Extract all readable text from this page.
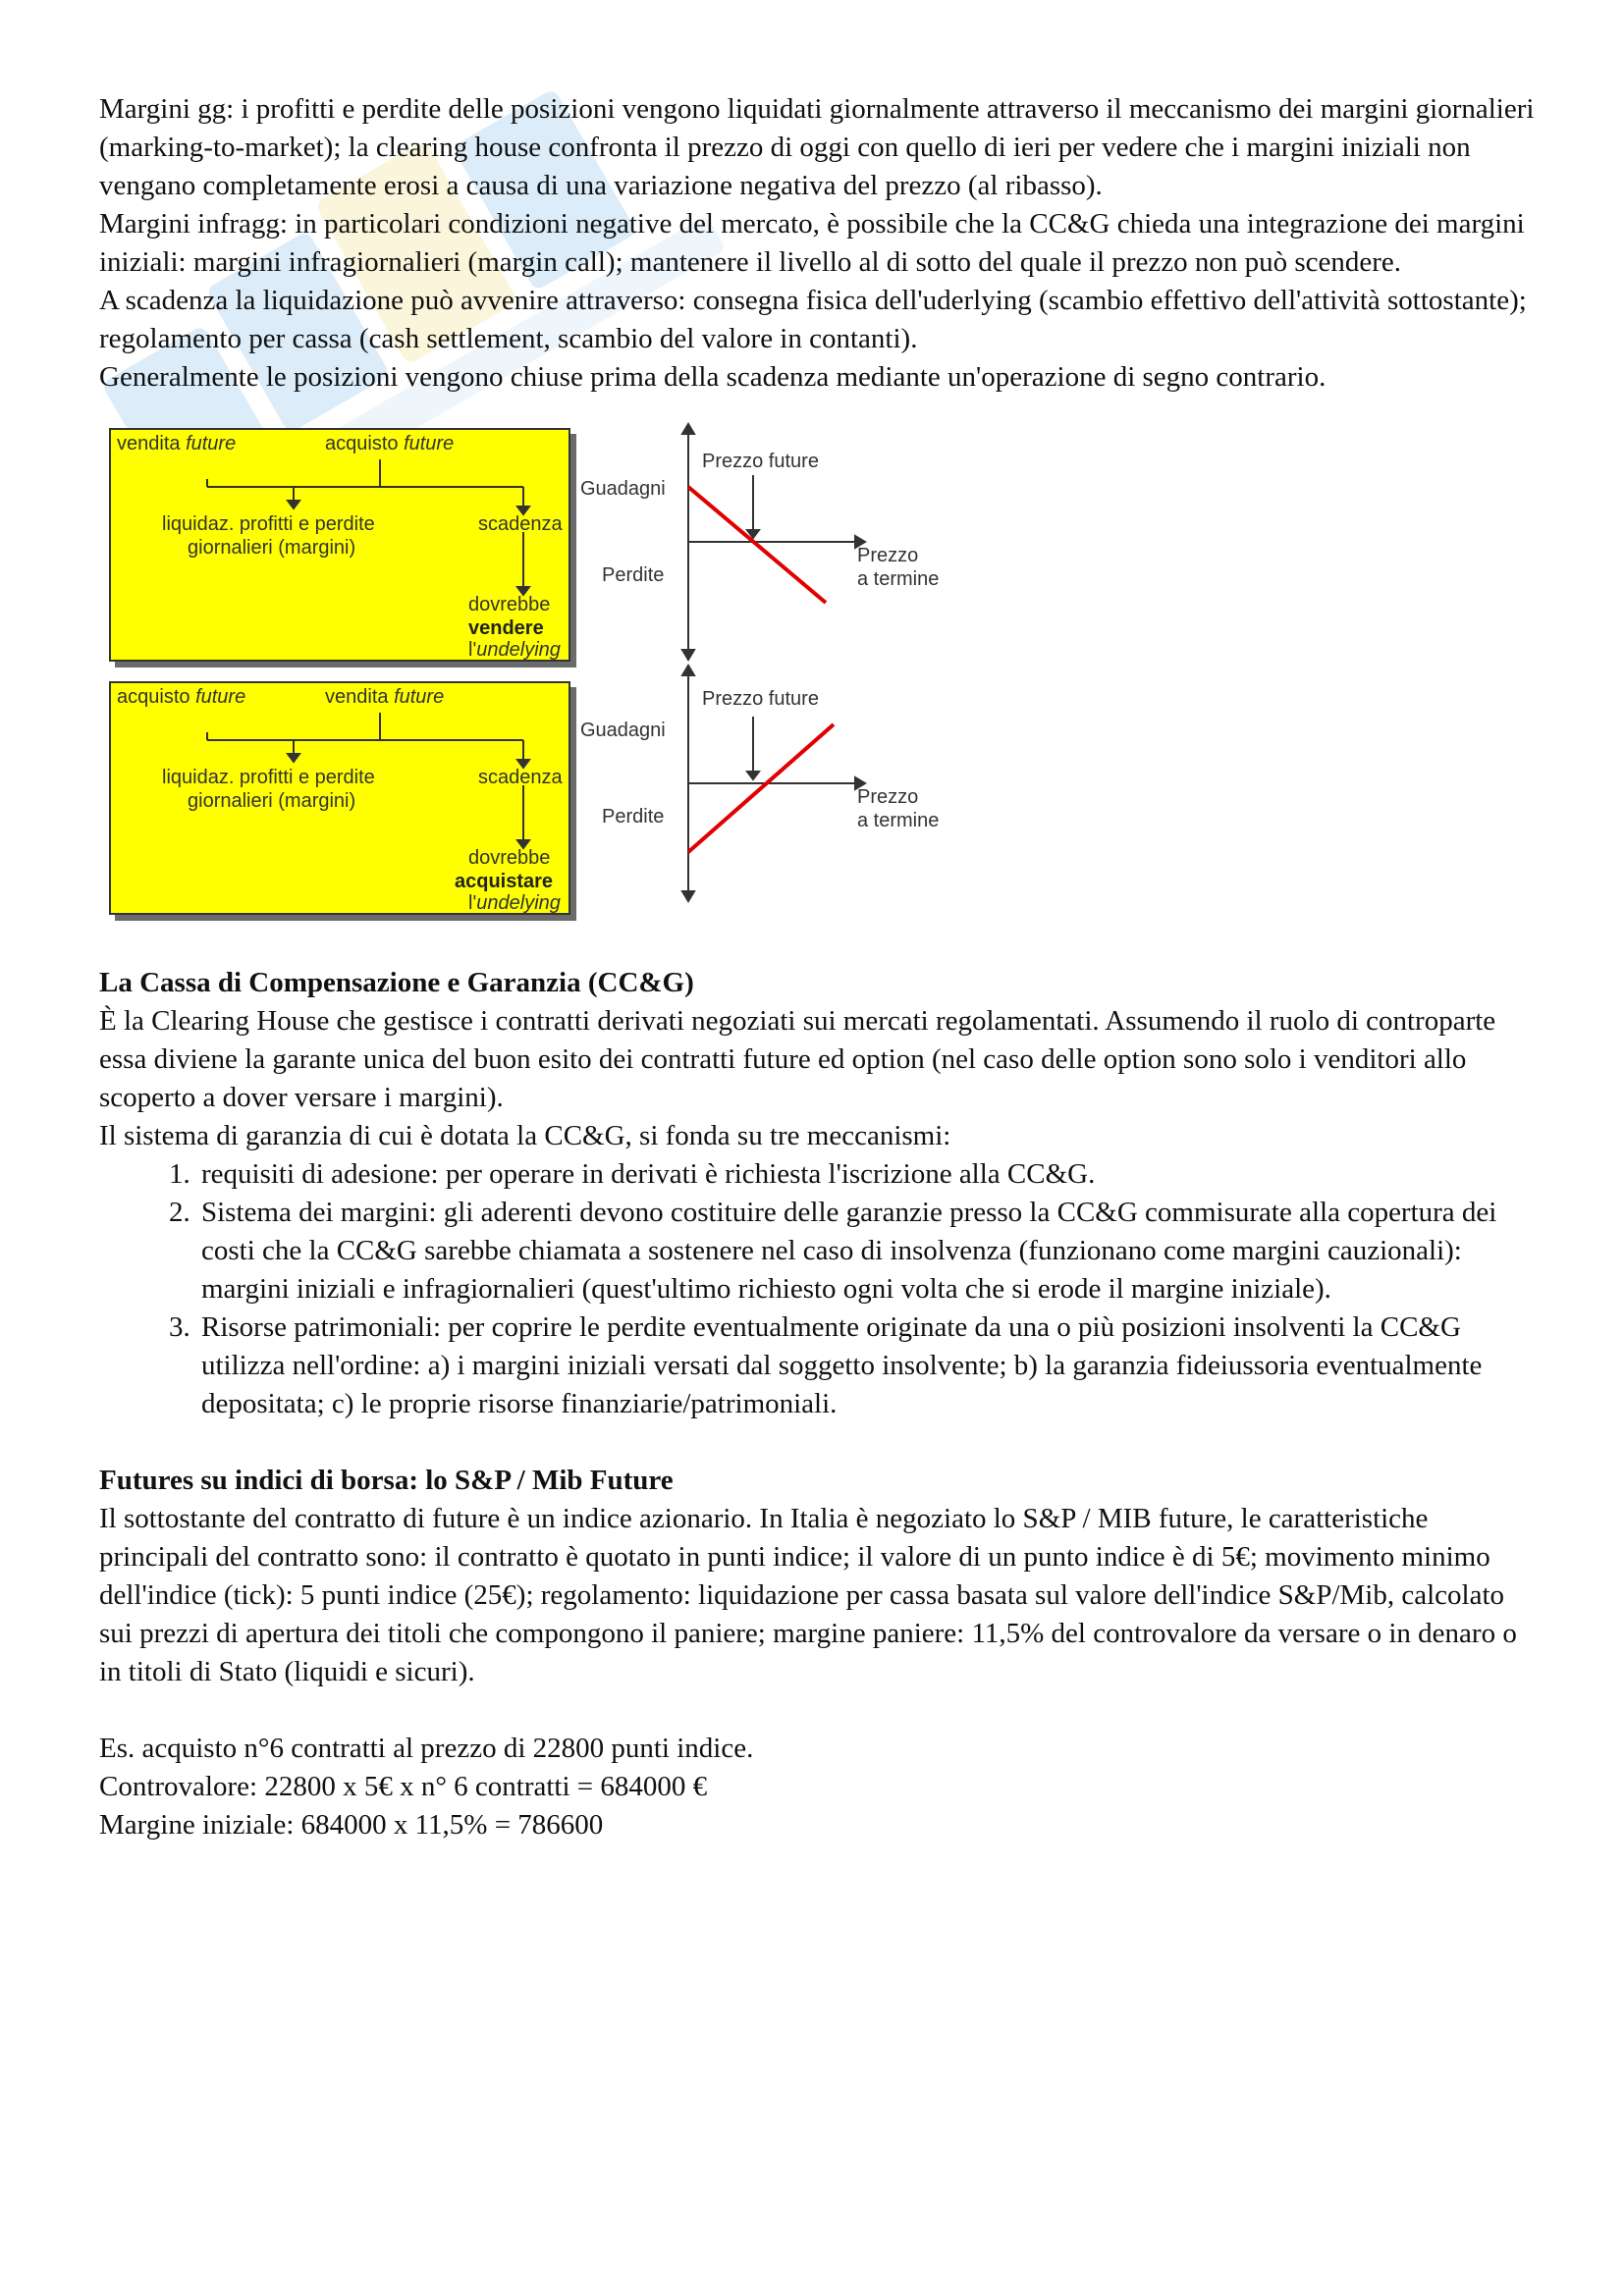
Margini gg: i profitti e perdite delle posizioni vengono liquidati giornalmente attraverso il meccanismo dei margini giornalieri (marking-to-market); la clearing house confronta il prezzo di oggi con quello di ieri per vedere che i margini iniziali non vengano completamente erosi a causa di una variazione negativa del prezzo (al ribasso).

Margini infragg: in particolari condizioni negative del mercato, è possibile che la CC&G chieda una integrazione dei margini iniziali: margini infragiornalieri (margin call); mantenere il livello al di sotto del quale il prezzo non può scendere.

A scadenza la liquidazione può avvenire attraverso: consegna fisica dell'uderlying (scambio effettivo dell'attività sottostante); regolamento per cassa (cash settlement, scambio del valore in contanti).

Generalmente le posizioni vengono chiuse prima della scadenza mediante un'operazione di segno contrario.

vendita future	acquisto future
liquidaz. profitti e perdite
giornalieri (margini)
scadenza
dovrebbe
vendere
l'undelying
Guadagni
Perdite
Prezzo future
Prezzo
a termine
acquisto future	vendita future
liquidaz. profitti e perdite
giornalieri (margini)
scadenza
dovrebbe
acquistare
l'undelying
Guadagni
Perdite
Prezzo future
Prezzo
a termine
La Cassa di Compensazione e Garanzia (CC&G)

È la Clearing House che gestisce i contratti derivati negoziati sui mercati regolamentati. Assumendo il ruolo di controparte essa diviene la garante unica del buon esito dei contratti future ed option (nel caso delle option sono solo i venditori allo scoperto a dover versare i margini).

Il sistema di garanzia di cui è dotata la CC&G, si fonda su tre meccanismi:

1. requisiti di adesione: per operare in derivati è richiesta l'iscrizione alla CC&G.
2. Sistema dei margini: gli aderenti devono costituire delle garanzie presso la CC&G commisurate alla copertura dei costi che la CC&G sarebbe chiamata a sostenere nel caso di insolvenza (funzionano come margini cauzionali): margini iniziali e infragiornalieri (quest'ultimo richiesto ogni volta che si erode il margine iniziale).
3. Risorse patrimoniali: per coprire le perdite eventualmente originate da una o più posizioni insolventi la CC&G utilizza nell'ordine: a) i margini iniziali versati dal soggetto insolvente; b) la garanzia fideiussoria eventualmente depositata; c) le proprie risorse finanziarie/patrimoniali.
Futures su indici di borsa: lo S&P / Mib Future

Il sottostante del contratto di future è un indice azionario. In Italia è negoziato lo S&P / MIB future, le caratteristiche principali del contratto sono: il contratto è quotato in punti indice; il valore di un punto indice è di 5€; movimento minimo dell'indice (tick): 5 punti indice (25€); regolamento: liquidazione per cassa basata sul valore dell'indice S&P/Mib, calcolato sui prezzi di apertura dei titoli che compongono il paniere; margine paniere: 11,5% del controvalore da versare o in denaro o in titoli di Stato (liquidi e sicuri).

Es. acquisto n°6 contratti al prezzo di 22800 punti indice.

Controvalore: 22800 x 5€ x n° 6 contratti = 684000 €

Margine iniziale: 684000 x 11,5% = 786600
